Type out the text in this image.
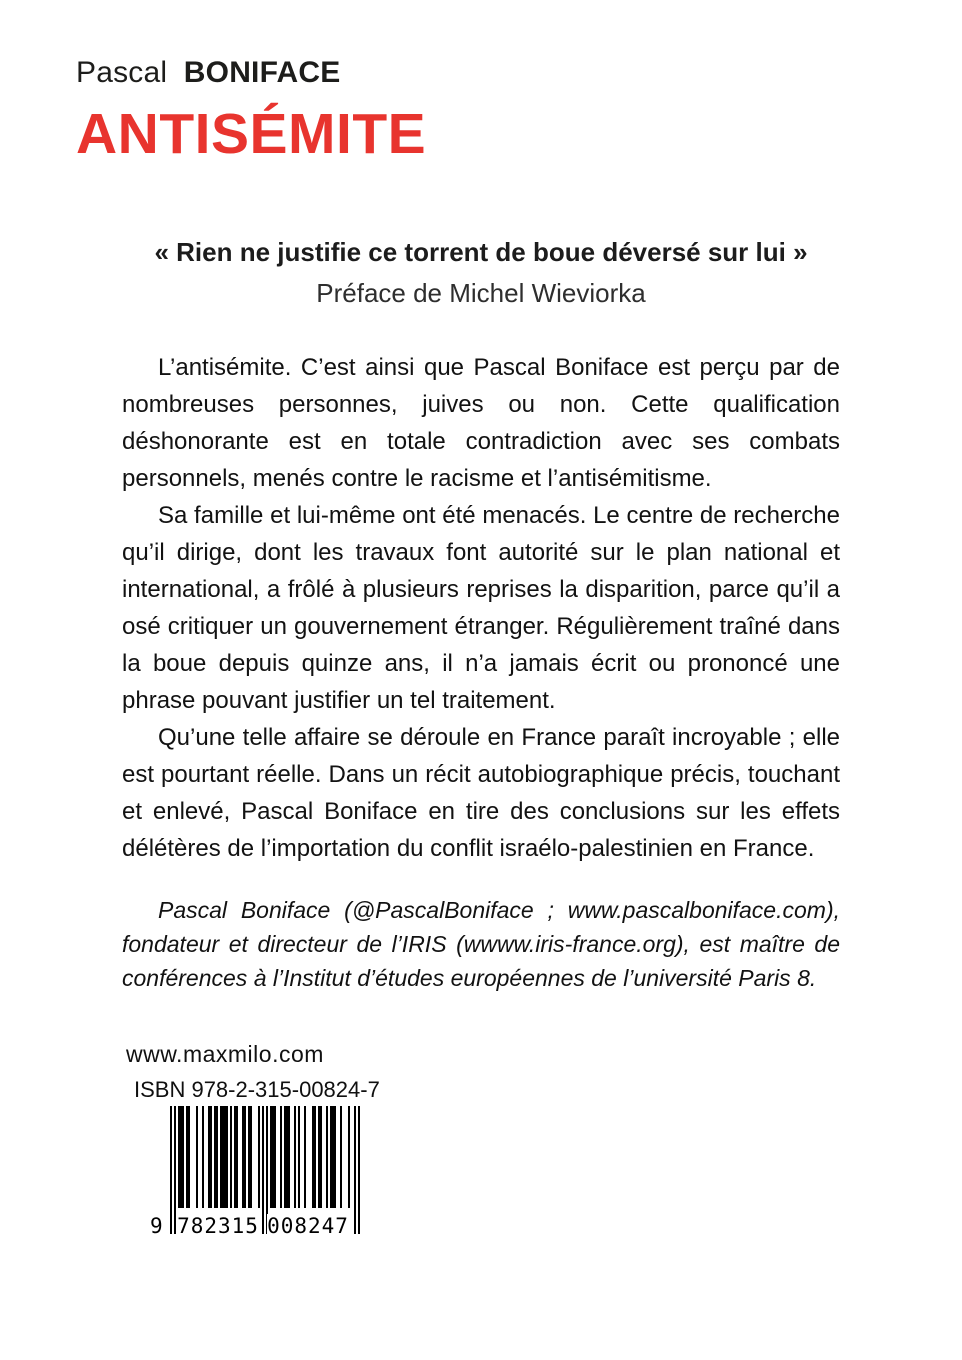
Pascal BONIFACE
ANTISÉMITE
« Rien ne justifie ce torrent de boue déversé sur lui »
Préface de Michel Wieviorka

L’antisémite. C’est ainsi que Pascal Boniface est perçu par de nombreuses personnes, juives ou non. Cette qualification déshonorante est en totale contradiction avec ses combats personnels, menés contre le racisme et l’antisémitisme.

Sa famille et lui-même ont été menacés. Le centre de recherche qu’il dirige, dont les travaux font autorité sur le plan national et international, a frôlé à plusieurs reprises la disparition, parce qu’il a osé critiquer un gouvernement étranger. Régulièrement traîné dans la boue depuis quinze ans, il n’a jamais écrit ou prononcé une phrase pouvant justifier un tel traitement.

Qu’une telle affaire se déroule en France paraît incroyable ; elle est pourtant réelle. Dans un récit autobiographique précis, touchant et enlevé, Pascal Boniface en tire des conclusions sur les effets délétères de l’importation du conflit israélo-palestinien en France.

Pascal Boniface (@PascalBoniface ; www.pascalboniface.com), fondateur et directeur de l’IRIS (wwww.iris-france.org), est maître de conférences à l’Institut d’études européennes de l’université Paris 8.
www.maxmilo.com
ISBN 978-2-315-00824-7
9 782315 008247
